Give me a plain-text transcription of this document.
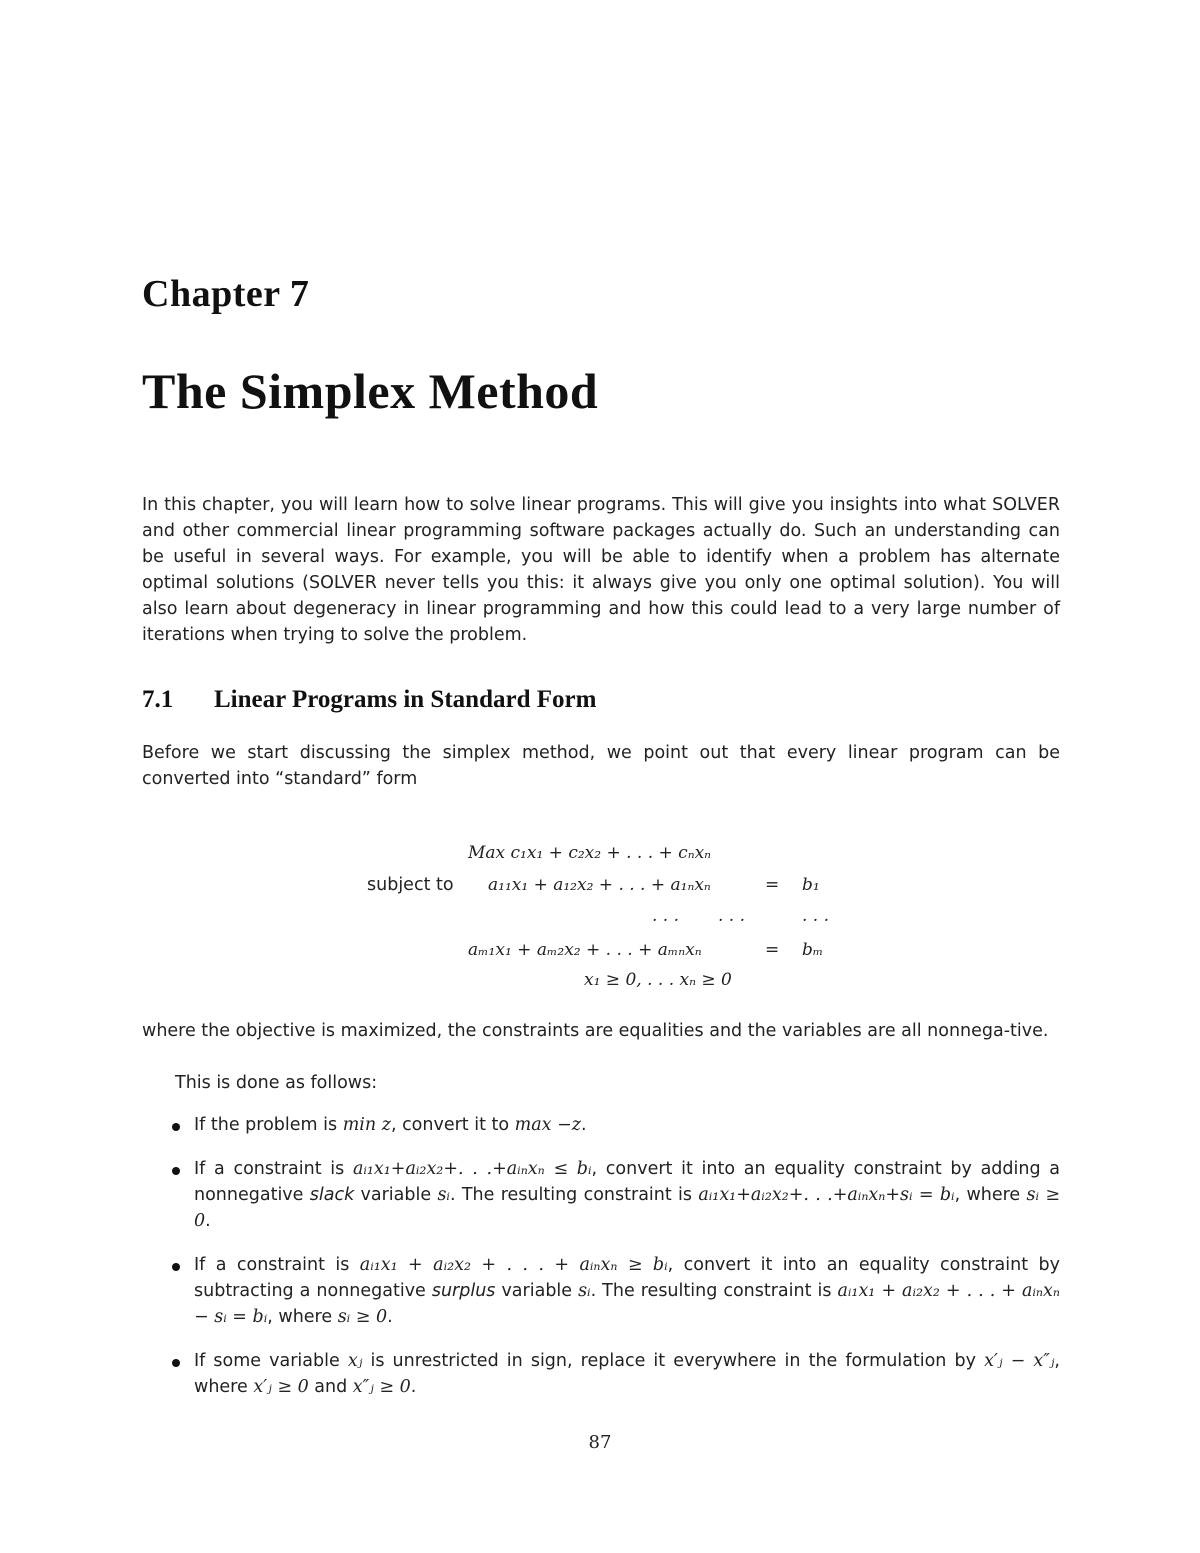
Chapter 7
The Simplex Method

In this chapter, you will learn how to solve linear programs. This will give you insights into what SOLVER and other commercial linear programming software packages actually do. Such an understanding can be useful in several ways. For example, you will be able to identify when a problem has alternate optimal solutions (SOLVER never tells you this: it always give you only one optimal solution). You will also learn about degeneracy in linear programming and how this could lead to a very large number of iterations when trying to solve the problem.

7.1 Linear Programs in Standard Form

Before we start discussing the simplex method, we point out that every linear program can be converted into “standard” form

Max c₁x₁ + c₂x₂ + . . . + cₙxₙ
subject to a₁₁x₁ + a₁₂x₂ + . . . + a₁ₙxₙ	= b₁
. . . . . .	. . .
aₘ₁x₁ + aₘ₂x₂ + . . . + aₘₙxₙ	= bₘ
x₁ ≥ 0, . . . xₙ ≥ 0

where the objective is maximized, the constraints are equalities and the variables are all nonnega-tive.

This is done as follows:

If the problem is min z, convert it to max −z.
If a constraint is aᵢ₁x₁+aᵢ₂x₂+. . .+aᵢₙxₙ ≤ bᵢ, convert it into an equality constraint by adding a nonnegative slack variable sᵢ. The resulting constraint is aᵢ₁x₁+aᵢ₂x₂+. . .+aᵢₙxₙ+sᵢ = bᵢ, where sᵢ ≥ 0.
If a constraint is aᵢ₁x₁ + aᵢ₂x₂ + . . . + aᵢₙxₙ ≥ bᵢ, convert it into an equality constraint by subtracting a nonnegative surplus variable sᵢ. The resulting constraint is aᵢ₁x₁ + aᵢ₂x₂ + . . . + aᵢₙxₙ − sᵢ = bᵢ, where sᵢ ≥ 0.
If some variable xⱼ is unrestricted in sign, replace it everywhere in the formulation by x′ⱼ − x″ⱼ, where x′ⱼ ≥ 0 and x″ⱼ ≥ 0.
87
